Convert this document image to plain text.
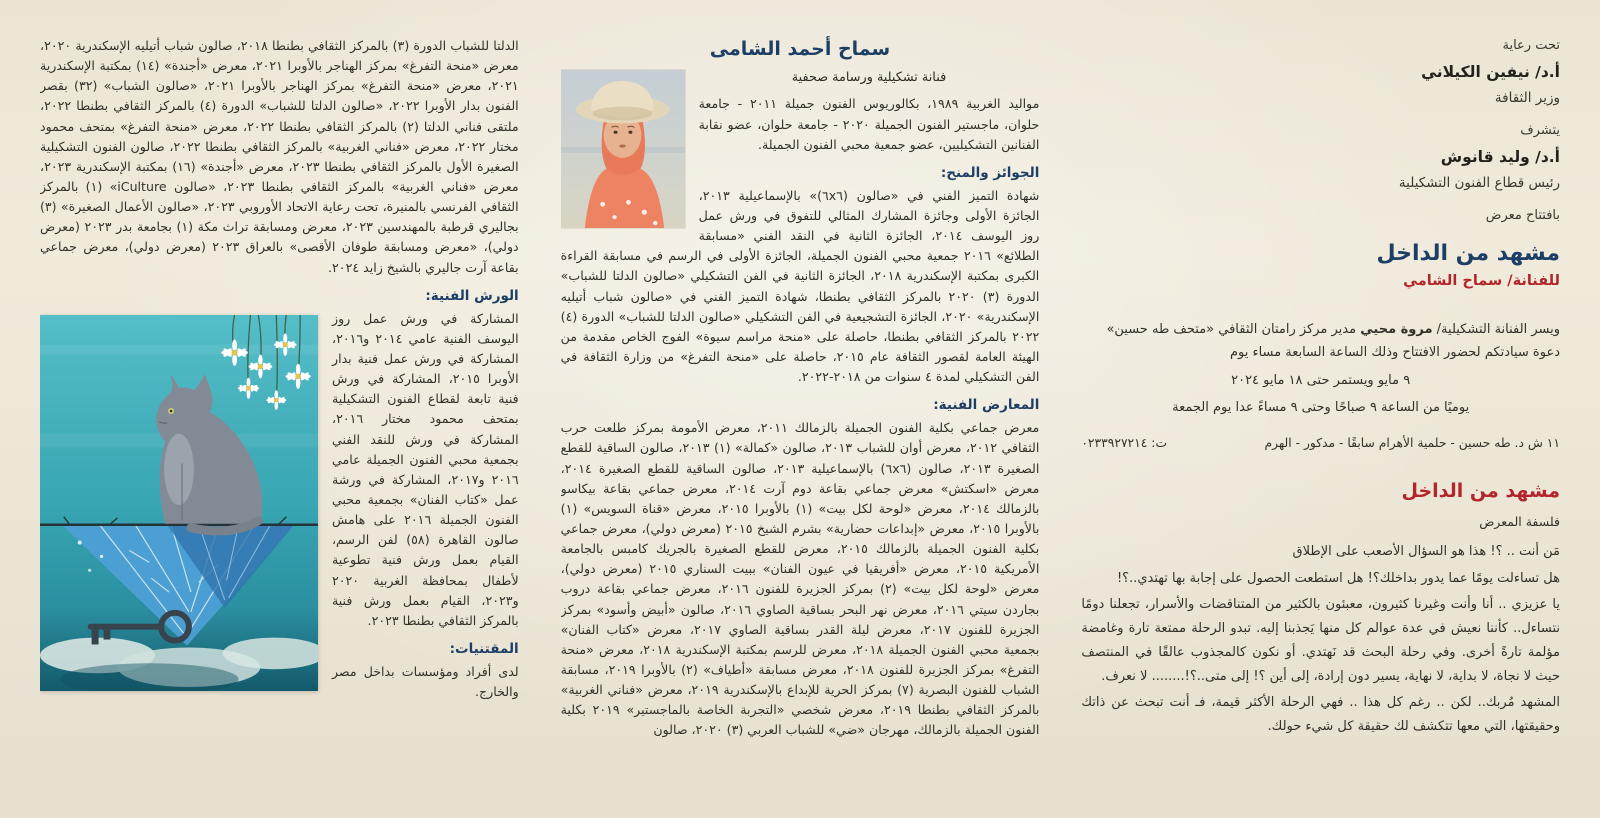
تحت رعاية

أ.د/ نيفين الكيلاني

وزير الثقافة

يتشرف

أ.د/ وليد قانوش

رئيس قطاع الفنون التشكيلية

بافتتاح معرض

مشهد من الداخل

للفنانة/ سماح الشامي

ويسر الفنانة التشكيلية/ مروة محيي مدير مركز رامتان الثقافي «متحف طه حسين» دعوة سيادتكم لحضور الافتتاح وذلك الساعة السابعة مساء يوم

٩ مايو ويستمر حتى ١٨ مايو ٢٠٢٤

يوميًا من الساعة ٩ صباحًا وحتى ٩ مساءً عدا يوم الجمعة

١١ ش د. طه حسين - حلمية الأهرام سابقًا - مدكور - الهرم
ت: ٠٢٣٣٩٢٧٢١٤
مشهد من الداخل

فلسفة المعرض

مَن أنت .. ؟! هذا هو السؤال الأصعب على الإطلاق

هل تساءلت يومًا عما يدور بداخلك؟! هل استطعت الحصول على إجابة بها تهتدي..؟!

يا عزيزي .. أنا وأنت وغيرنا كثيرون، معبئون بالكثير من المتناقضات والأسرار، تجعلنا دومًا نتساءل.. كأننا نعيش في عدة عوالم كل منها يَجذبنا إليه. تبدو الرحلة ممتعة تارة وغامضة مؤلمة تارةً أخرى. وفي رحلة البحث قد نَهتدي. أو نكون كالمجذوب عالقًا في المنتصف حيث لا نجاة، لا بداية، لا نهاية، يسير دون إرادة، إلى أين ؟! إلى متى..؟!........ لا نعرف.

المشهد مُربك.. لكن .. رغم كل هذا .. فهي الرحلة الأكثر قيمة، فـ أنت تبحث عن ذاتك وحقيقتها، التي معها تتكشف لك حقيقة كل شيء حولك.

سماح أحمد الشامى

فنانة تشكيلية ورسامة صحفية

مواليد الغربية ١٩٨٩، بكالوريوس الفنون جميلة ٢٠١١ - جامعة حلوان، ماجستير الفنون الجميلة ٢٠٢٠ - جامعة حلوان، عضو نقابة الفنانين التشكيليين، عضو جمعية محبي الفنون الجميلة.

الجوائز والمنح:

شهادة التميز الفني في «صالون (٦x٦)» بالإسماعيلية ٢٠١٣، الجائزة الأولى وجائزة المشارك المثالي للتفوق في ورش عمل روز اليوسف ٢٠١٤، الجائزة الثانية في النقد الفني «مسابقة الطلائع» ٢٠١٦ جمعية محبي الفنون الجميلة، الجائزة الأولى في الرسم في مسابقة القراءة الكبرى بمكتبة الإسكندرية ٢٠١٨، الجائزة الثانية في الفن التشكيلي «صالون الدلتا للشباب» الدورة (٣) ٢٠٢٠ بالمركز الثقافي بطنطا، شهادة التميز الفني في «صالون شباب أتيليه الإسكندرية» ٢٠٢٠، الجائزة التشجيعية في الفن التشكيلي «صالون الدلتا للشباب» الدورة (٤) ٢٠٢٢ بالمركز الثقافي بطنطا، حاصلة على «منحة مراسم سيوة» الفوج الخاص مقدمة من الهيئة العامة لقصور الثقافة عام ٢٠١٥، حاصلة على «منحة التفرغ» من وزارة الثقافة في الفن التشكيلي لمدة ٤ سنوات من ٢٠١٨-٢٠٢٢.

المعارض الفنية:

معرض جماعي بكلية الفنون الجميلة بالزمالك ٢٠١١، معرض الأمومة بمركز طلعت حرب الثقافي ٢٠١٢، معرض أوان للشباب ٢٠١٣، صالون «كمالة» (١) ٢٠١٣، صالون الساقية للقطع الصغيرة ٢٠١٣، صالون (٦x٦) بالإسماعيلية ٢٠١٣، صالون الساقية للقطع الصغيرة ٢٠١٤، معرض «اسكتش» معرض جماعي بقاعة دوم آرت ٢٠١٤، معرض جماعي بقاعة بيكاسو بالزمالك ٢٠١٤، معرض «لوحة لكل بيت» (١) بالأوبرا ٢٠١٥، معرض «قناة السويس» (١) بالأوبرا ٢٠١٥، معرض «إبداعات حضارية» بشرم الشيخ ٢٠١٥ (معرض دولي)، معرض جماعي بكلية الفنون الجميلة بالزمالك ٢٠١٥، معرض للقطع الصغيرة بالجريك كامبس بالجامعة الأمريكية ٢٠١٥، معرض «أفريقيا في عيون الفنان» ببيت السناري ٢٠١٥ (معرض دولي)، معرض «لوحة لكل بيت» (٢) بمركز الجزيرة للفنون ٢٠١٦، معرض جماعي بقاعة دروب بجاردن سيتي ٢٠١٦، معرض نهر البحر بساقية الصاوي ٢٠١٦، صالون «أبيض وأسود» بمركز الجزيرة للفنون ٢٠١٧، معرض ليلة القدر بساقية الصاوي ٢٠١٧، معرض «كتاب الفنان» بجمعية محبي الفنون الجميلة ٢٠١٨، معرض للرسم بمكتبة الإسكندرية ٢٠١٨، معرض «منحة التفرغ» بمركز الجزيرة للفنون ٢٠١٨، معرض مسابقة «أطياف» (٢) بالأوبرا ٢٠١٩، مسابقة الشباب للفنون البصرية (٧) بمركز الحرية للإبداع بالإسكندرية ٢٠١٩، معرض «فناني الغربية» بالمركز الثقافي بطنطا ٢٠١٩، معرض شخصي «التجربة الخاصة بالماجستير» ٢٠١٩ بكلية الفنون الجميلة بالزمالك، مهرجان «ضي» للشباب العربي (٣) ٢٠٢٠، صالون

الدلتا للشباب الدورة (٣) بالمركز الثقافي بطنطا ٢٠١٨، صالون شباب أتيليه الإسكندرية ٢٠٢٠، معرض «منحة التفرغ» بمركز الهناجر بالأوبرا ٢٠٢١، معرض «أجندة» (١٤) بمكتبة الإسكندرية ٢٠٢١، معرض «منحة التفرغ» بمركز الهناجر بالأوبرا ٢٠٢١، «صالون الشباب» (٣٢) بقصر الفنون بدار الأوبرا ٢٠٢٢، «صالون الدلتا للشباب» الدورة (٤) بالمركز الثقافي بطنطا ٢٠٢٢، ملتقى فناني الدلتا (٢) بالمركز الثقافي بطنطا ٢٠٢٢، معرض «منحة التفرغ» بمتحف محمود مختار ٢٠٢٢، معرض «فناني الغربية» بالمركز الثقافي بطنطا ٢٠٢٢، صالون الفنون التشكيلية الصغيرة الأول بالمركز الثقافي بطنطا ٢٠٢٣، معرض «أجندة» (١٦) بمكتبة الإسكندرية ٢٠٢٣، معرض «فناني الغربية» بالمركز الثقافي بطنطا ٢٠٢٣، «صالون iCulture» (١) بالمركز الثقافي الفرنسي بالمنيرة، تحت رعاية الاتحاد الأوروبي ٢٠٢٣، «صالون الأعمال الصغيرة» (٣) بجاليري قرطبة بالمهندسين ٢٠٢٣، معرض ومسابقة تراث مكة (١) بجامعة بدر ٢٠٢٣ (معرض دولي)، «معرض ومسابقة طوفان الأقصى» بالعراق ٢٠٢٣ (معرض دولي)، معرض جماعي بقاعة آرت جاليري بالشيخ زايد ٢٠٢٤.

الورش الفنية:

المشاركة في ورش عمل روز اليوسف الفنية عامي ٢٠١٤ و٢٠١٦، المشاركة في ورش عمل فنية بدار الأوبرا ٢٠١٥، المشاركة في ورش فنية تابعة لقطاع الفنون التشكيلية بمتحف محمود مختار ٢٠١٦، المشاركة في ورش للنقد الفني بجمعية محبي الفنون الجميلة عامي ٢٠١٦ و٢٠١٧، المشاركة في ورشة عمل «كتاب الفنان» بجمعية محبي الفنون الجميلة ٢٠١٦ على هامش صالون القاهرة (٥٨) لفن الرسم، القيام بعمل ورش فنية تطوعية لأطفال بمحافظة الغربية ٢٠٢٠ و٢٠٢٣، القيام بعمل ورش فنية بالمركز الثقافي بطنطا ٢٠٢٣.

المقتنيات:

لدى أفراد ومؤسسات بداخل مصر والخارج.
